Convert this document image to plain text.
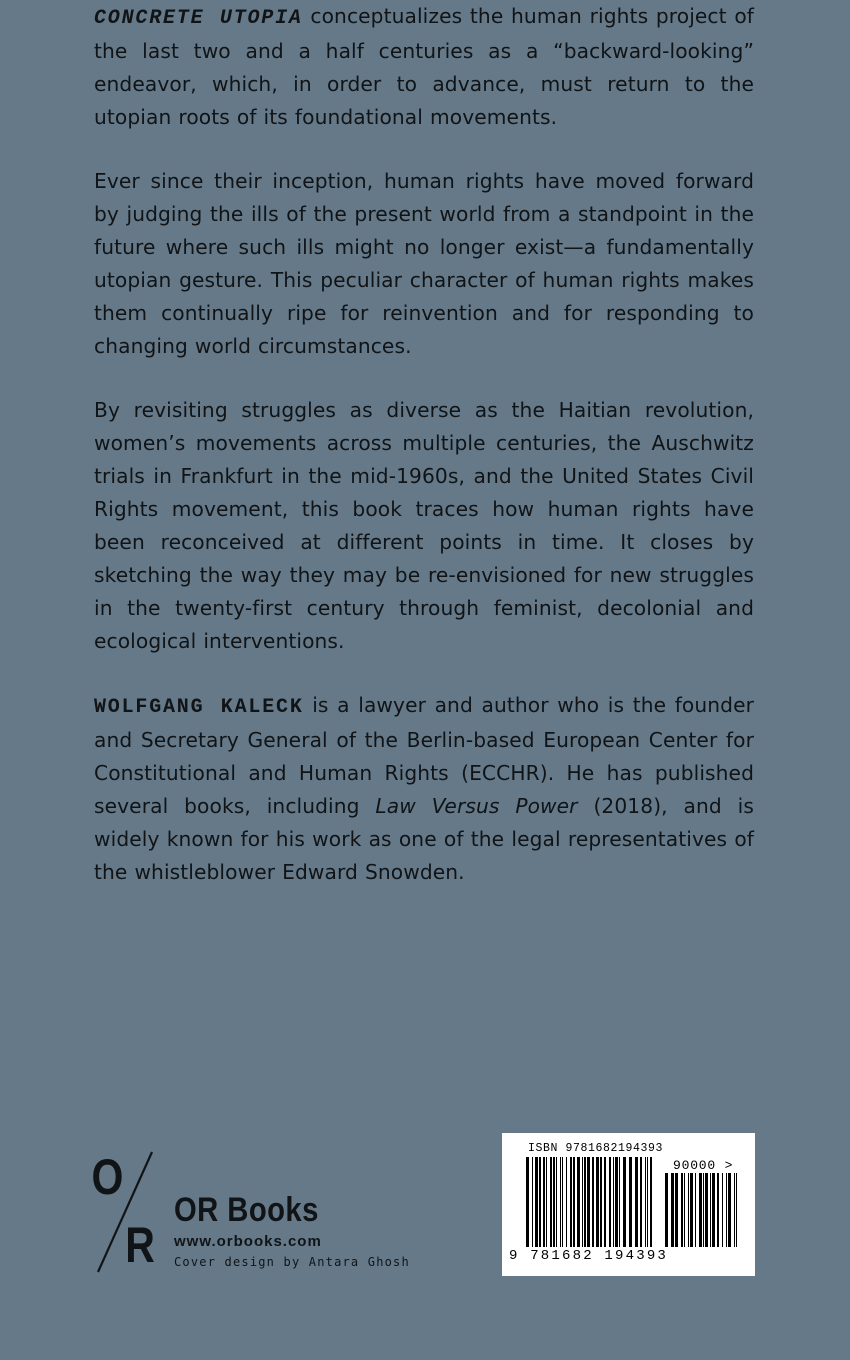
CONCRETE UTOPIA conceptualizes the human rights project of the last two and a half centuries as a “backward-looking” endeavor, which, in order to advance, must return to the utopian roots of its foundational movements.

Ever since their inception, human rights have moved forward by judging the ills of the present world from a standpoint in the future where such ills might no longer exist—a fundamentally utopian gesture. This peculiar character of human rights makes them continually ripe for reinvention and for responding to changing world circumstances.

By revisiting struggles as diverse as the Haitian revolution, women’s movements across multiple centuries, the Auschwitz trials in Frankfurt in the mid-1960s, and the United States Civil Rights movement, this book traces how human rights have been reconceived at different points in time. It closes by sketching the way they may be re-envisioned for new struggles in the twenty-first century through feminist, decolonial and ecological interventions.

WOLFGANG KALECK is a lawyer and author who is the founder and Secretary General of the Berlin-based European Center for Constitutional and Human Rights (ECCHR). He has published several books, including Law Versus Power (2018), and is widely known for his work as one of the legal representatives of the whistleblower Edward Snowden.

O
R
OR Books
www.orbooks.com
Cover design by Antara Ghosh
ISBN 9781682194393
90000 >
9 781682 194393
